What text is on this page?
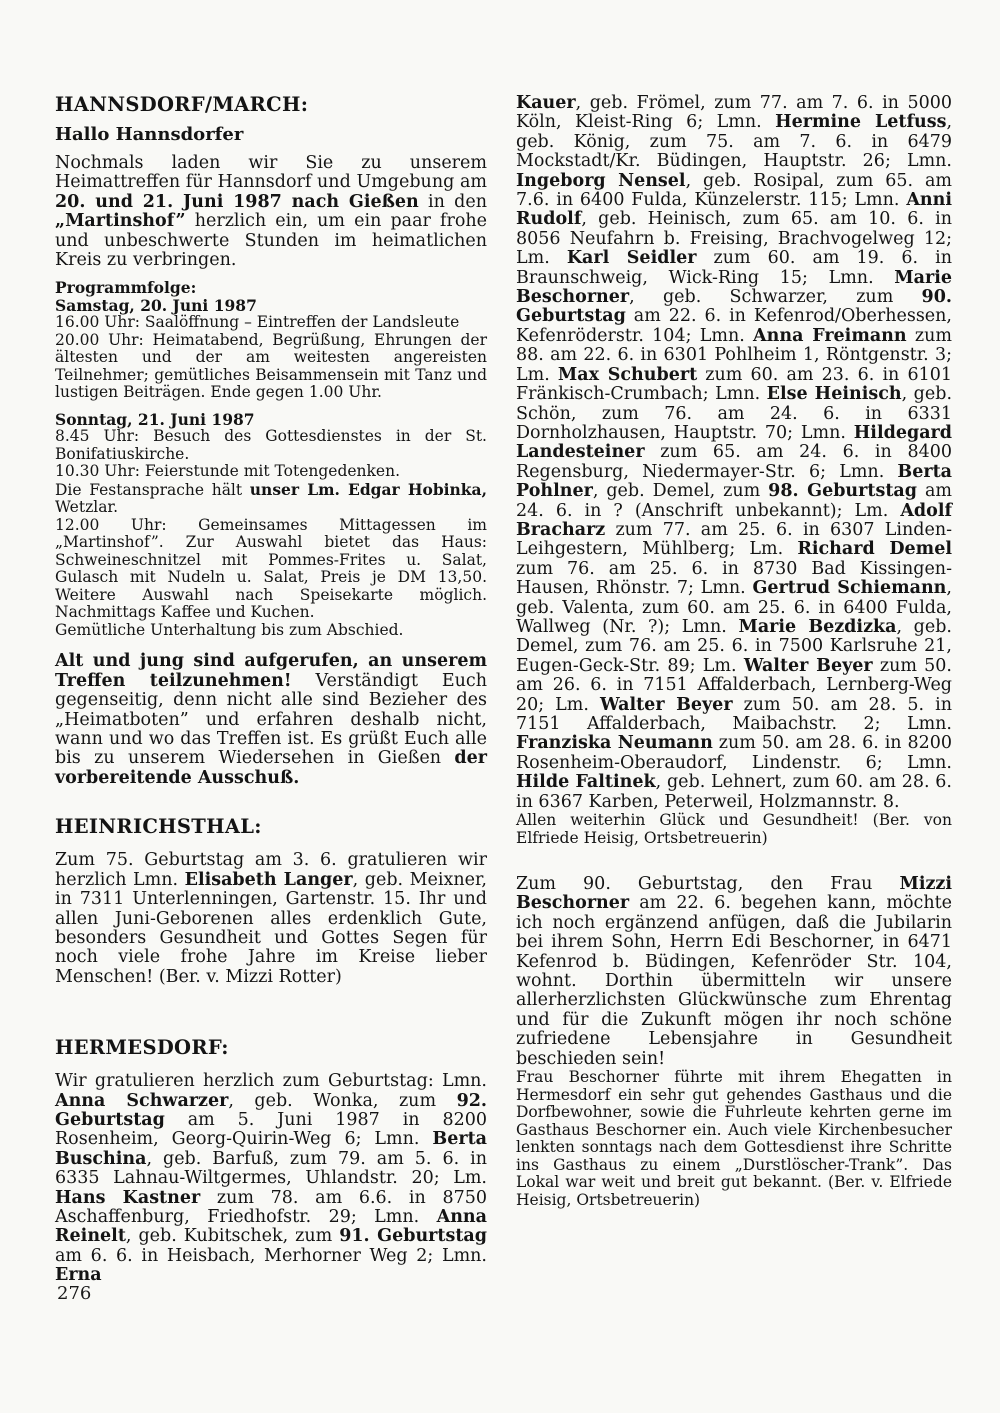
HANNSDORF/MARCH:
Hallo Hannsdorfer
Nochmals laden wir Sie zu unserem Heimattreffen für Hannsdorf und Umgebung am 20. und 21. Juni 1987 nach Gießen in den „Martinshof” herzlich ein, um ein paar frohe und unbeschwerte Stunden im heimatlichen Kreis zu verbringen.
Programmfolge:
Samstag, 20. Juni 1987
16.00 Uhr: Saalöffnung – Eintreffen der Landsleute
20.00 Uhr: Heimatabend, Begrüßung, Ehrungen der ältesten und der am weitesten angereisten Teilnehmer; gemütliches Beisammensein mit Tanz und lustigen Beiträgen. Ende gegen 1.00 Uhr.
Sonntag, 21. Juni 1987
8.45 Uhr: Besuch des Gottesdienstes in der St. Bonifatiuskirche.
10.30 Uhr: Feierstunde mit Totengedenken.
Die Festansprache hält unser Lm. Edgar Hobinka, Wetzlar.
12.00 Uhr: Gemeinsames Mittagessen im „Martinshof”. Zur Auswahl bietet das Haus: Schweineschnitzel mit Pommes-Frites u. Salat, Gulasch mit Nudeln u. Salat, Preis je DM 13,50. Weitere Auswahl nach Speisekarte möglich. Nachmittags Kaffee und Kuchen.
Gemütliche Unterhaltung bis zum Abschied.
Alt und jung sind aufgerufen, an unserem Treffen teilzunehmen! Verständigt Euch gegenseitig, denn nicht alle sind Bezieher des „Heimatboten” und erfahren deshalb nicht, wann und wo das Treffen ist. Es grüßt Euch alle bis zu unserem Wiedersehen in Gießen der vorbereitende Ausschuß.
HEINRICHSTHAL:
Zum 75. Geburtstag am 3. 6. gratulieren wir herzlich Lmn. Elisabeth Langer, geb. Meixner, in 7311 Unterlenningen, Gartenstr. 15. Ihr und allen Juni-Geborenen alles erdenklich Gute, besonders Gesundheit und Gottes Segen für noch viele frohe Jahre im Kreise lieber Menschen! (Ber. v. Mizzi Rotter)
HERMESDORF:
Wir gratulieren herzlich zum Geburtstag: Lmn. Anna Schwarzer, geb. Wonka, zum 92. Geburtstag am 5. Juni 1987 in 8200 Rosenheim, Georg-Quirin-Weg 6; Lmn. Berta Buschina, geb. Barfuß, zum 79. am 5. 6. in 6335 Lahnau-Wiltgermes, Uhlandstr. 20; Lm. Hans Kastner zum 78. am 6.6. in 8750 Aschaffenburg, Friedhofstr. 29; Lmn. Anna Reinelt, geb. Kubitschek, zum 91. Geburtstag am 6. 6. in Heisbach, Merhorner Weg 2; Lmn. Erna
Kauer, geb. Frömel, zum 77. am 7. 6. in 5000 Köln, Kleist-Ring 6; Lmn. Hermine Letfuss, geb. König, zum 75. am 7. 6. in 6479 Mockstadt/Kr. Büdingen, Hauptstr. 26; Lmn. Ingeborg Nensel, geb. Rosipal, zum 65. am 7.6. in 6400 Fulda, Künzelerstr. 115; Lmn. Anni Rudolf, geb. Heinisch, zum 65. am 10. 6. in 8056 Neufahrn b. Freising, Brachvogelweg 12; Lm. Karl Seidler zum 60. am 19. 6. in Braunschweig, Wick-Ring 15; Lmn. Marie Beschorner, geb. Schwarzer, zum 90. Geburtstag am 22. 6. in Kefenrod/Oberhessen, Kefenröderstr. 104; Lmn. Anna Freimann zum 88. am 22. 6. in 6301 Pohlheim 1, Röntgenstr. 3; Lm. Max Schubert zum 60. am 23. 6. in 6101 Fränkisch-Crumbach; Lmn. Else Heinisch, geb. Schön, zum 76. am 24. 6. in 6331 Dornholzhausen, Hauptstr. 70; Lmn. Hildegard Landesteiner zum 65. am 24. 6. in 8400 Regensburg, Niedermayer-Str. 6; Lmn. Berta Pohlner, geb. Demel, zum 98. Geburtstag am 24. 6. in ? (Anschrift unbekannt); Lm. Adolf Bracharz zum 77. am 25. 6. in 6307 Linden-Leihgestern, Mühlberg; Lm. Richard Demel zum 76. am 25. 6. in 8730 Bad Kissingen-Hausen, Rhönstr. 7; Lmn. Gertrud Schiemann, geb. Valenta, zum 60. am 25. 6. in 6400 Fulda, Wallweg (Nr. ?); Lmn. Marie Bezdizka, geb. Demel, zum 76. am 25. 6. in 7500 Karlsruhe 21, Eugen-Geck-Str. 89; Lm. Walter Beyer zum 50. am 26. 6. in 7151 Affalderbach, Lernberg-Weg 20; Lm. Walter Beyer zum 50. am 28. 5. in 7151 Affalderbach, Maibachstr. 2; Lmn. Franziska Neumann zum 50. am 28. 6. in 8200 Rosenheim-Oberaudorf, Lindenstr. 6; Lmn. Hilde Faltinek, geb. Lehnert, zum 60. am 28. 6. in 6367 Karben, Peterweil, Holzmannstr. 8.
Allen weiterhin Glück und Gesundheit! (Ber. von Elfriede Heisig, Ortsbetreuerin)
Zum 90. Geburtstag, den Frau Mizzi Beschorner am 22. 6. begehen kann, möchte ich noch ergänzend anfügen, daß die Jubilarin bei ihrem Sohn, Herrn Edi Beschorner, in 6471 Kefenrod b. Büdingen, Kefenröder Str. 104, wohnt. Dorthin übermitteln wir unsere allerherzlichsten Glückwünsche zum Ehrentag und für die Zukunft mögen ihr noch schöne zufriedene Lebensjahre in Gesundheit beschieden sein!
Frau Beschorner führte mit ihrem Ehegatten in Hermesdorf ein sehr gut gehendes Gasthaus und die Dorfbewohner, sowie die Fuhrleute kehrten gerne im Gasthaus Beschorner ein. Auch viele Kirchenbesucher lenkten sonntags nach dem Gottesdienst ihre Schritte ins Gasthaus zu einem „Durstlöscher-Trank”. Das Lokal war weit und breit gut bekannt. (Ber. v. Elfriede Heisig, Ortsbetreuerin)
276
